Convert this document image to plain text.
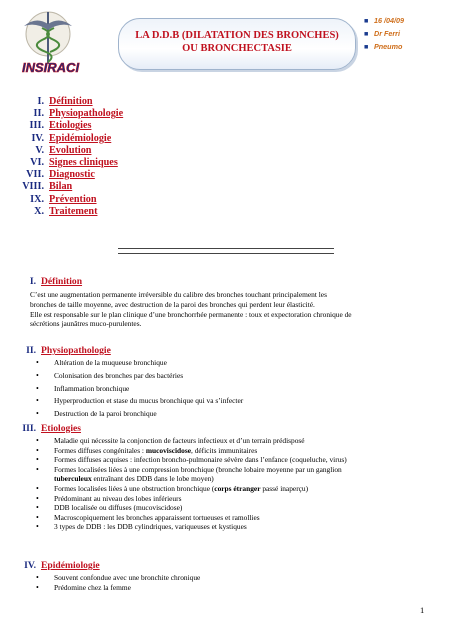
INSIRACI
LA D.D.B (DILATATION DES BRONCHES)
OU BRONCHECTASIE
■ 16 /04/09
■ Dr Ferri
■ Pneumo
I. Définition
II. Physiopathologie
III. Etiologies
IV. Epidémiologie
V. Evolution
VI. Signes cliniques
VII. Diagnostic
VIII. Bilan
IX. Prévention
X. Traitement
I. Définition
C’est une augmentation permanente irréversible du calibre des bronches touchant principalement les
bronches de taille moyenne, avec destruction de la paroi des bronches qui perdent leur élasticité.
Elle est responsable sur le plan clinique d’une bronchorrhée permanente : toux et expectoration chronique de
sécrétions jaunâtres muco-purulentes.
II. Physiopathologie
• Altération de la muqueuse bronchique
• Colonisation des bronches par des bactéries
• Inflammation bronchique
• Hyperproduction et stase du mucus bronchique qui va s’infecter
• Destruction de la paroi bronchique
III. Etiologies
• Maladie qui nécessite la conjonction de facteurs infectieux et d’un terrain prédisposé
• Formes diffuses congénitales : mucoviscidose, déficits immunitaires
• Formes diffuses acquises : infection broncho-pulmonaire sévère dans l’enfance (coqueluche, virus)
• Formes localisées liées à une compression bronchique (bronche lobaire moyenne par un ganglion
tuberculeux entraînant des DDB dans le lobe moyen)
• Formes localisées liées à une obstruction bronchique (corps étranger passé inaperçu)
• Prédominant au niveau des lobes inférieurs
• DDB localisée ou diffuses (mucoviscidose)
• Macroscopiquement les bronches apparaissent tortueuses et ramollies
• 3 types de DDB : les DDB cylindriques, variqueuses et kystiques
IV. Epidémiologie
• Souvent confondue avec une bronchite chronique
• Prédomine chez la femme
1
